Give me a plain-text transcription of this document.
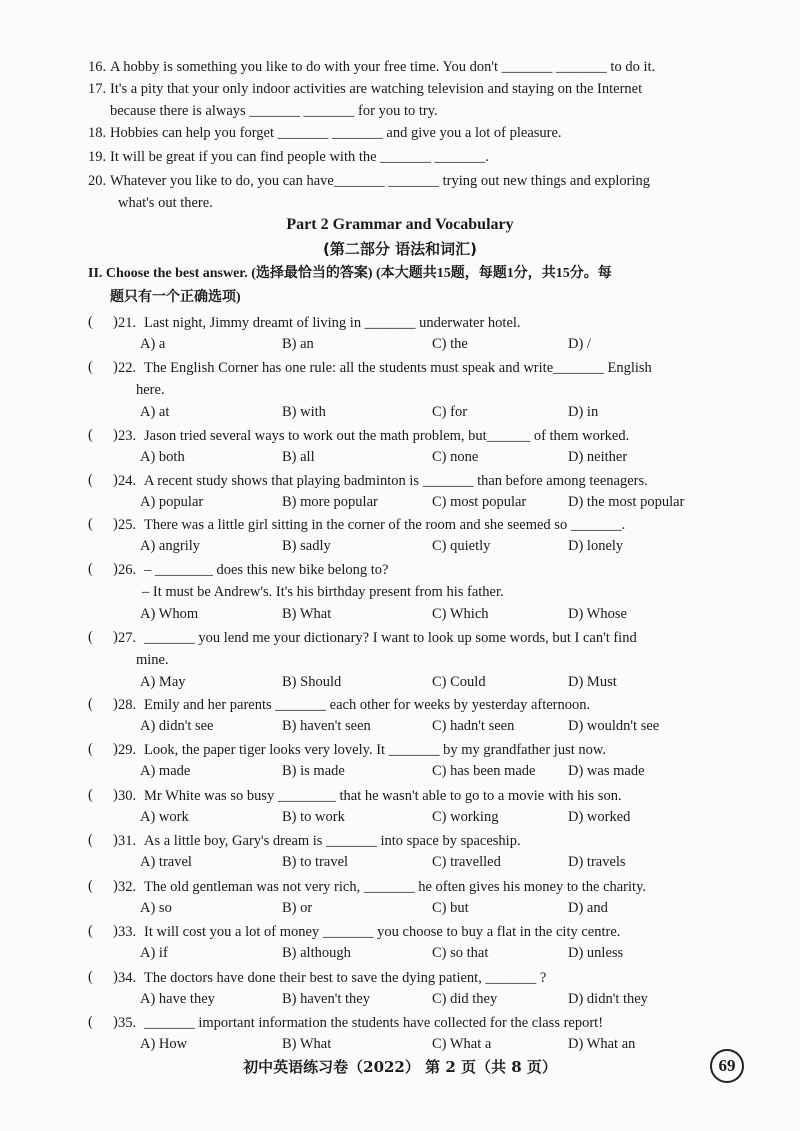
16. A hobby is something you like to do with your free time. You don't _______ _______ to do it.
17. It's a pity that your only indoor activities are watching television and staying on the Internet
because there is always _______ _______ for you to try.
18. Hobbies can help you forget _______ _______ and give you a lot of pleasure.
19. It will be great if you can find people with the _______ _______.
20. Whatever you like to do, you can have_______ _______ trying out new things and exploring
what's out there.
Part 2 Grammar and Vocabulary
(第二部分 语法和词汇)
II. Choose the best answer. (选择最恰当的答案) (本大题共15题，每题1分，共15分。每
题只有一个正确选项)
( ) 21. Last night, Jimmy dreamt of living in _______ underwater hotel.
A) a	B) an	C) the	D) /
( ) 22. The English Corner has one rule: all the students must speak and write_______ English
here.
A) at	B) with	C) for	D) in
( ) 23. Jason tried several ways to work out the math problem, but______ of them worked.
A) both	B) all	C) none	D) neither
( ) 24. A recent study shows that playing badminton is _______ than before among teenagers.
A) popular	B) more popular	C) most popular	D) the most popular
( ) 25. There was a little girl sitting in the corner of the room and she seemed so _______.
A) angrily	B) sadly	C) quietly	D) lonely
( ) 26. – ________ does this new bike belong to?
– It must be Andrew's. It's his birthday present from his father.
A) Whom	B) What	C) Which	D) Whose
( ) 27. _______ you lend me your dictionary? I want to look up some words, but I can't find
mine.
A) May	B) Should	C) Could	D) Must
( ) 28. Emily and her parents _______ each other for weeks by yesterday afternoon.
A) didn't see	B) haven't seen	C) hadn't seen	D) wouldn't see
( ) 29. Look, the paper tiger looks very lovely. It _______ by my grandfather just now.
A) made	B) is made	C) has been made D) was made
( ) 30. Mr White was so busy ________ that he wasn't able to go to a movie with his son.
A) work	B) to work	C) working	D) worked
( ) 31. As a little boy, Gary's dream is _______ into space by spaceship.
A) travel	B) to travel	C) travelled	D) travels
( ) 32. The old gentleman was not very rich, _______ he often gives his money to the charity.
A) so	B) or	C) but	D) and
( ) 33. It will cost you a lot of money _______ you choose to buy a flat in the city centre.
A) if	B) although	C) so that	D) unless
( ) 34. The doctors have done their best to save the dying patient, _______ ?
A) have they	B) haven't they	C) did they	D) didn't they
( ) 35. _______ important information the students have collected for the class report!
A) How	B) What	C) What a	D) What an
初中英语练习卷（2022） 第 2 页（共 8 页）	69
